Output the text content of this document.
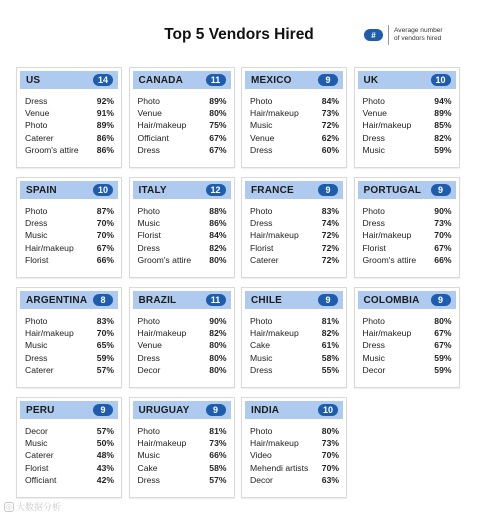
Top 5 Vendors Hired	#	Average number
of vendors hired
US	14
Dress	92%
Venue	91%
Photo	89%
Caterer	86%
Groom's attire 86%
CANADA	11
Photo	89%
Venue	80%
Hair/makeup	75%
Officiant	67%
Dress	67%
MEXICO	9
Photo	84%
Hair/makeup	73%
Music	72%
Venue	62%
Dress	60%
UK	10
Photo	94%
Venue	89%
Hair/makeup	85%
Dress	82%
Music	59%
SPAIN	10
Photo	87%
Dress	70%
Music	70%
Hair/makeup	67%
Florist	66%
ITALY	12
Photo	88%
Music	86%
Florist	84%
Dress	82%
Groom's attire 80%
FRANCE	9
Photo	83%
Dress	74%
Hair/makeup	72%
Florist	72%
Caterer	72%
PORTUGAL	9
Photo	90%
Dress	73%
Hair/makeup	70%
Florist	67%
Groom's attire 66%
ARGENTINA	8
Photo	83%
Hair/makeup	70%
Music	65%
Dress	59%
Caterer	57%
BRAZIL	11
Photo	90%
Hair/makeup	82%
Venue	80%
Dress	80%
Decor	80%
CHILE	9
Photo	81%
Hair/makeup	82%
Cake	61%
Music	58%
Dress	55%
COLOMBIA	9
Photo	80%
Hair/makeup	67%
Dress	67%
Music	59%
Decor	59%
PERU	9
Decor	57%
Music	50%
Caterer	48%
Florist	43%
Officiant	42%
URUGUAY	9
Photo	81%
Hair/makeup	73%
Music	66%
Cake	58%
Dress	57%
INDIA	10
Photo	80%
Hair/makeup	73%
Video	70%
Mehendi artists 70%
Decor	63%
◎ 大数据分析
